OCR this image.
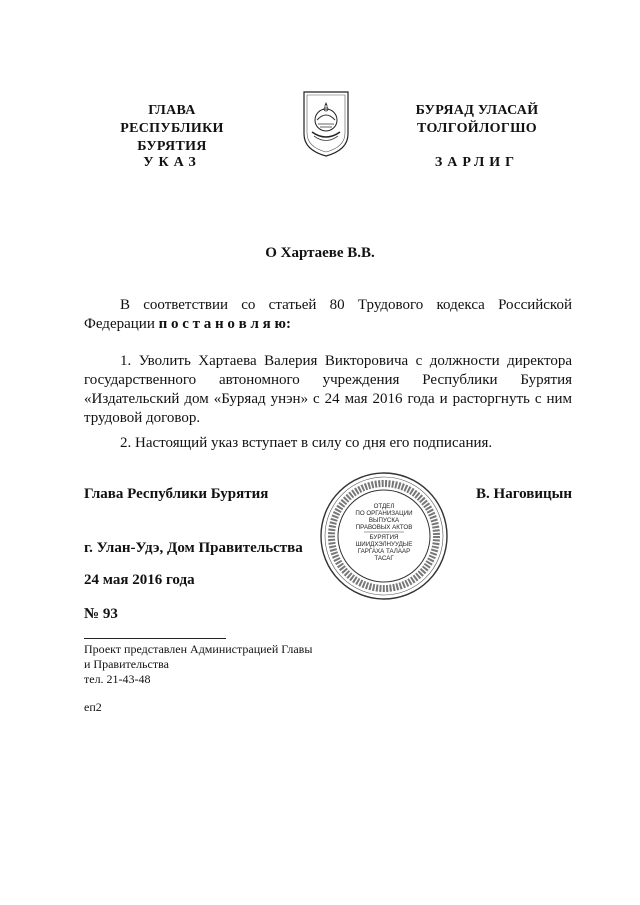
ГЛАВА
РЕСПУБЛИКИ БУРЯТИЯ
УКАЗ
БУРЯАД УЛАСАЙ
ТОЛГОЙЛОГШО
ЗАРЛИГ
О Хартаеве В.В.
В соответствии со статьей 80 Трудового кодекса Российской Федерации п о с т а н о в л я ю:
1. Уволить Хартаева Валерия Викторовича с должности директора государственного автономного учреждения Республики Бурятия «Издательский дом «Буряад унэн» с 24 мая 2016 года и расторгнуть с ним трудовой договор.
2. Настоящий указ вступает в силу со дня его подписания.
Глава Республики Бурятия	В. Наговицын
г. Улан-Удэ, Дом Правительства
24 мая 2016 года
№ 93
ОТДЕЛ
ПО ОРГАНИЗАЦИИ
ВЫПУСКА
ПРАВОВЫХ АКТОВ
БУРЯТИЯ
ШИИДХЭЛНУУДЫЕ
ГАРГАХА ТАЛААР
ТАСАГ
Проект представлен Администрацией Главы
и Правительства
тел. 21-43-48
еп2
